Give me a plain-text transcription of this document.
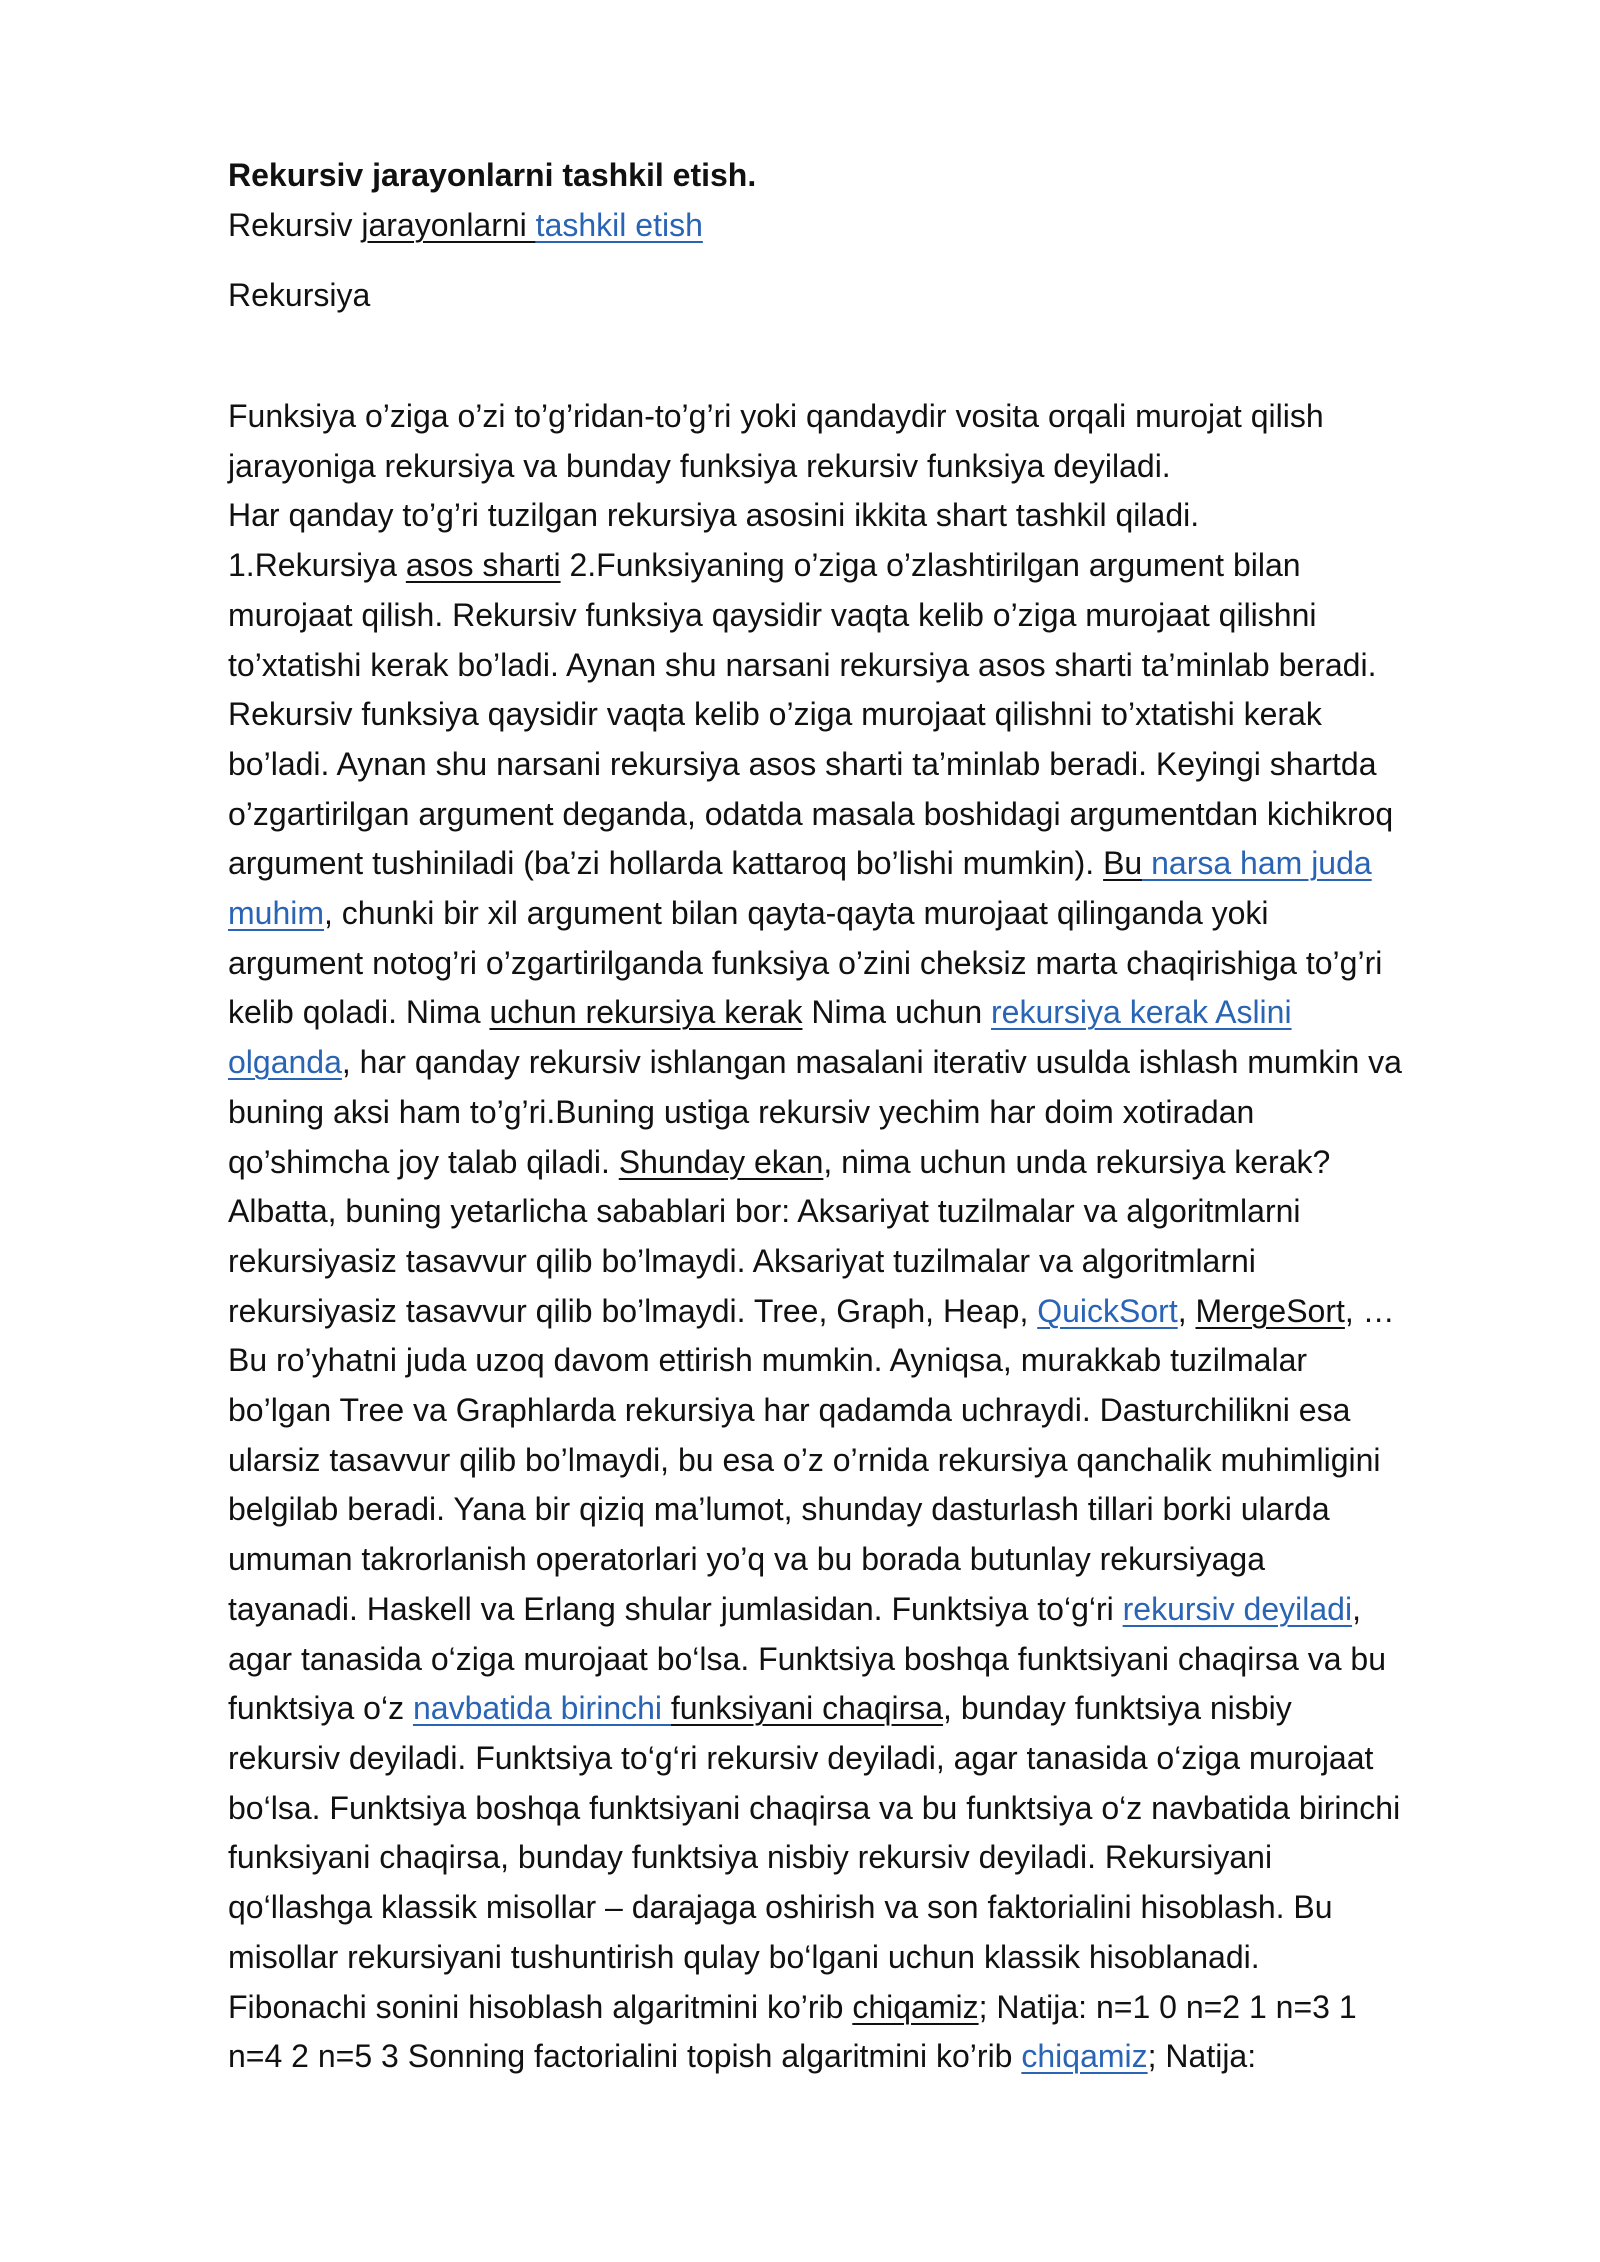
Rekursiv jarayonlarni tashkil etish.

Rekursiv jarayonlarni tashkil etish

Rekursiya

Funksiya o’ziga o’zi to’g’ridan-to’g’ri yoki qandaydir vosita orqali murojat qilish
jarayoniga rekursiya va bunday funksiya rekursiv funksiya deyiladi.
Har qanday to’g’ri tuzilgan rekursiya asosini ikkita shart tashkil qiladi.
1.Rekursiya asos sharti 2.Funksiyaning o’ziga o’zlashtirilgan argument bilan
murojaat qilish. Rekursiv funksiya qaysidir vaqta kelib o’ziga murojaat qilishni
to’xtatishi kerak bo’ladi. Aynan shu narsani rekursiya asos sharti ta’minlab beradi.
Rekursiv funksiya qaysidir vaqta kelib o’ziga murojaat qilishni to’xtatishi kerak
bo’ladi. Aynan shu narsani rekursiya asos sharti ta’minlab beradi. Keyingi shartda
o’zgartirilgan argument deganda, odatda masala boshidagi argumentdan kichikroq
argument tushiniladi (ba’zi hollarda kattaroq bo’lishi mumkin). Bu narsa ham juda
muhim, chunki bir xil argument bilan qayta-qayta murojaat qilinganda yoki
argument notog’ri o’zgartirilganda funksiya o’zini cheksiz marta chaqirishiga to’g’ri
kelib qoladi. Nima uchun rekursiya kerak Nima uchun rekursiya kerak Aslini
olganda, har qanday rekursiv ishlangan masalani iterativ usulda ishlash mumkin va
buning aksi ham to’g’ri.Buning ustiga rekursiv yechim har doim xotiradan
qo’shimcha joy talab qiladi. Shunday ekan, nima uchun unda rekursiya kerak?
Albatta, buning yetarlicha sabablari bor: Aksariyat tuzilmalar va algoritmlarni
rekursiyasiz tasavvur qilib bo’lmaydi. Aksariyat tuzilmalar va algoritmlarni
rekursiyasiz tasavvur qilib bo’lmaydi. Tree, Graph, Heap, QuickSort, MergeSort, …
Bu ro’yhatni juda uzoq davom ettirish mumkin. Ayniqsa, murakkab tuzilmalar
bo’lgan Tree va Graphlarda rekursiya har qadamda uchraydi. Dasturchilikni esa
ularsiz tasavvur qilib bo’lmaydi, bu esa o’z o’rnida rekursiya qanchalik muhimligini
belgilab beradi. Yana bir qiziq ma’lumot, shunday dasturlash tillari borki ularda
umuman takrorlanish operatorlari yo’q va bu borada butunlay rekursiyaga
tayanadi. Haskell va Erlang shular jumlasidan. Funktsiya to‘g‘ri rekursiv deyiladi,
agar tanasida o‘ziga murojaat bo‘lsa. Funktsiya boshqa funktsiyani chaqirsa va bu
funktsiya o‘z navbatida birinchi funksiyani chaqirsa, bunday funktsiya nisbiy
rekursiv deyiladi. Funktsiya to‘g‘ri rekursiv deyiladi, agar tanasida o‘ziga murojaat
bo‘lsa. Funktsiya boshqa funktsiyani chaqirsa va bu funktsiya o‘z navbatida birinchi
funksiyani chaqirsa, bunday funktsiya nisbiy rekursiv deyiladi. Rekursiyani
qo‘llashga klassik misollar – darajaga oshirish va son faktorialini hisoblash. Bu
misollar rekursiyani tushuntirish qulay bo‘lgani uchun klassik hisoblanadi.
Fibonachi sonini hisoblash algaritmini ko’rib chiqamiz; Natija: n=1 0 n=2 1 n=3 1
n=4 2 n=5 3 Sonning factorialini topish algaritmini ko’rib chiqamiz; Natija:
